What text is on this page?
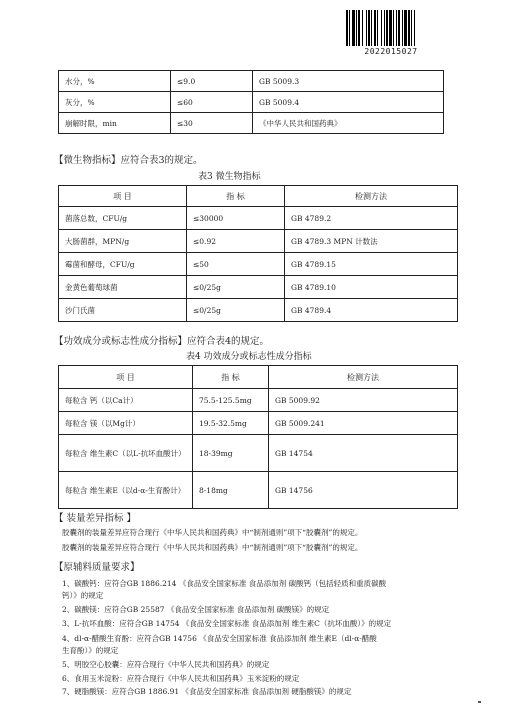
2022015027
水分，%	≤9.0	GB 5009.3
灰分，%	≤60	GB 5009.4
崩解时限，min	≤30	《中华人民共和国药典》
【微生物指标】应符合表3的规定。
表3 微生物指标
项 目	指 标	检测方法
菌落总数，CFU/g	≤30000	GB 4789.2
大肠菌群，MPN/g	≤0.92	GB 4789.3 MPN 计数法
霉菌和酵母，CFU/g	≤50	GB 4789.15
金黄色葡萄球菌	≤0/25g	GB 4789.10
沙门氏菌	≤0/25g	GB 4789.4
【功效成分或标志性成分指标】应符合表4的规定。
表4 功效成分或标志性成分指标
项 目	指 标	检测方法
每粒含 钙（以Ca计）	75.5-125.5mg	GB 5009.92
每粒含 镁（以Mg计）	19.5-32.5mg	GB 5009.241
每粒含 维生素C（以L-抗坏血酸计）	18-39mg	GB 14754
每粒含 维生素E（以d-α-生育酚计）	8-18mg	GB 14756
【 装量差异指标 】
胶囊剂的装量差异应符合现行《中华人民共和国药典》中“制剂通则”项下“胶囊剂”的规定。
胶囊剂的装量差异应符合现行《中华人民共和国药典》中“制剂通则”项下“胶囊剂”的规定。
【原辅料质量要求】
1、碳酸钙：应符合GB 1886.214 《食品安全国家标准 食品添加剂 碳酸钙（包括轻质和重质碳酸
钙）》的规定
2、碳酸镁：应符合GB 25587 《食品安全国家标准 食品添加剂 碳酸镁》的规定
3、L-抗坏血酸：应符合GB 14754 《食品安全国家标准 食品添加剂 维生素C（抗坏血酸）》的规定
4、dl-α-醋酸生育酚：应符合GB 14756 《食品安全国家标准 食品添加剂 维生素E（dl-α-醋酸
生育酚）》的规定
5、明胶空心胶囊：应符合现行《中华人民共和国药典》的规定
6、食用玉米淀粉：应符合现行《中华人民共和国药典》玉米淀粉的规定
7、硬脂酸镁：应符合GB 1886.91 《食品安全国家标准 食品添加剂 硬脂酸镁》的规定
